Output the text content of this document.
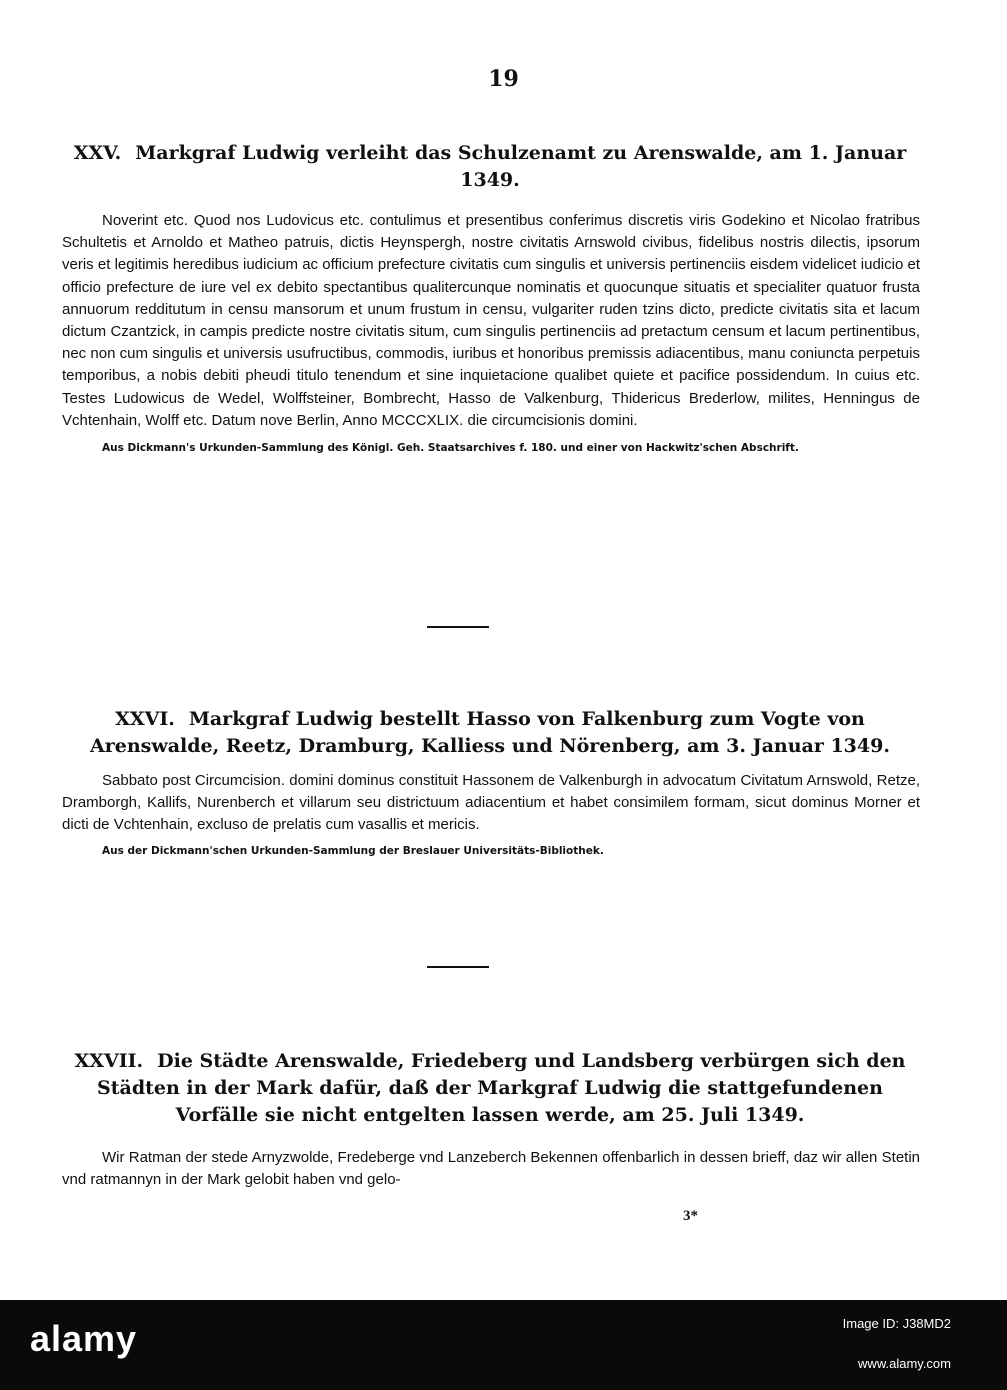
19
XXV. Markgraf Ludwig verleiht das Schulzenamt zu Arenswalde, am 1. Januar 1349.

Noverint etc. Quod nos Ludovicus etc. contulimus et presentibus conferimus discretis viris Godekino et Nicolao fratribus Schultetis et Arnoldo et Matheo patruis, dictis Heynspergh, nostre civitatis Arnswold civibus, fidelibus nostris dilectis, ipsorum veris et legitimis heredibus iudicium ac officium prefecture civitatis cum singulis et universis pertinenciis eisdem videlicet iudicio et officio prefecture de iure vel ex debito spectantibus qualitercunque nominatis et quocunque situatis et specialiter quatuor frusta annuorum redditutum in censu mansorum et unum frustum in censu, vulgariter ruden tzins dicto, predicte civitatis sita et lacum dictum Czantzick, in campis predicte nostre civitatis situm, cum singulis pertinenciis ad pretactum censum et lacum pertinentibus, nec non cum singulis et universis usufructibus, commodis, iuribus et honoribus premissis adiacentibus, manu coniuncta perpetuis temporibus, a nobis debiti pheudi titulo tenendum et sine inquietacione qualibet quiete et pacifice possidendum. In cuius etc. Testes Ludowicus de Wedel, Wolffsteiner, Bombrecht, Hasso de Valkenburg, Thidericus Brederlow, milites, Henningus de Vchtenhain, Wolff etc. Datum nove Berlin, Anno MCCCXLIX. die circumcisionis domini.

Aus Dickmann's Urkunden-Sammlung des Königl. Geh. Staatsarchives f. 180. und einer von Hackwitz'schen Abschrift.
XXVI. Markgraf Ludwig bestellt Hasso von Falkenburg zum Vogte von Arenswalde, Reetz, Dramburg, Kalliess und Nörenberg, am 3. Januar 1349.

Sabbato post Circumcision. domini dominus constituit Hassonem de Valkenburgh in advocatum Civitatum Arnswold, Retze, Dramborgh, Kallifs, Nurenberch et villarum seu districtuum adiacentium et habet consimilem formam, sicut dominus Morner et dicti de Vchtenhain, excluso de prelatis cum vasallis et mericis.

Aus der Dickmann'schen Urkunden-Sammlung der Breslauer Universitäts-Bibliothek.
XXVII. Die Städte Arenswalde, Friedeberg und Landsberg verbürgen sich den Städten in der Mark dafür, daß der Markgraf Ludwig die stattgefundenen Vorfälle sie nicht entgelten lassen werde, am 25. Juli 1349.

Wir Ratman der stede Arnyzwolde, Fredeberge vnd Lanzeberch Bekennen offenbarlich in dessen brieff, daz wir allen Stetin vnd ratmannyn in der Mark gelobit haben vnd gelo-

3*
alamy	Image ID: J38MD2
www.alamy.com
